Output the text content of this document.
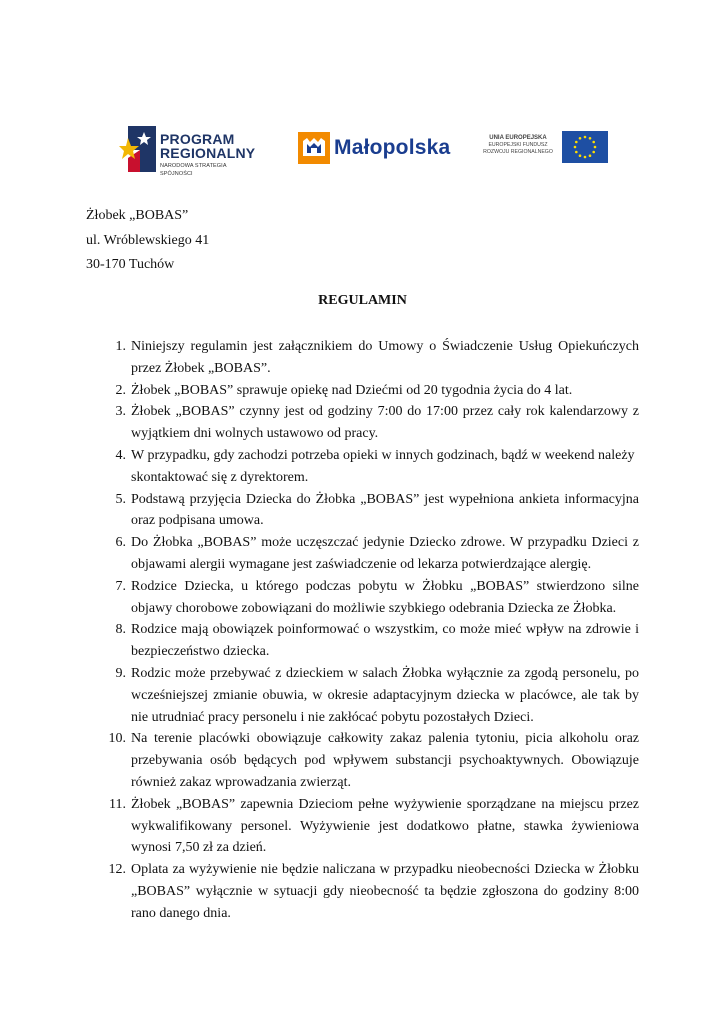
PROGRAM
REGIONALNY
NARODOWA STRATEGIA SPÓJNOŚCI
Małopolska	UNIA EUROPEJSKA
EUROPEJSKI FUNDUSZ
ROZWOJU REGIONALNEGO
Żłobek „BOBAS”
ul. Wróblewskiego 41
30-170 Tuchów
REGULAMIN
1. Niniejszy regulamin jest załącznikiem do Umowy o Świadczenie Usług Opiekuńczych przez Żłobek „BOBAS”.
2. Żłobek „BOBAS” sprawuje opiekę nad Dziećmi od 20 tygodnia życia do 4 lat.
3. Żłobek „BOBAS” czynny jest od godziny 7:00 do 17:00 przez cały rok kalendarzowy z wyjątkiem dni wolnych ustawowo od pracy.
4. W przypadku, gdy zachodzi potrzeba opieki w innych godzinach, bądź w weekend należy skontaktować się z dyrektorem.
5. Podstawą przyjęcia Dziecka do Żłobka „BOBAS” jest wypełniona ankieta informacyjna oraz podpisana umowa.
6. Do Żłobka „BOBAS” może uczęszczać jedynie Dziecko zdrowe. W przypadku Dzieci z objawami alergii wymagane jest zaświadczenie od lekarza potwierdzające alergię.
7. Rodzice Dziecka, u którego podczas pobytu w Żłobku „BOBAS” stwierdzono silne objawy chorobowe zobowiązani do możliwie szybkiego odebrania Dziecka ze Żłobka.
8. Rodzice mają obowiązek poinformować o wszystkim, co może mieć wpływ na zdrowie i bezpieczeństwo dziecka.
9. Rodzic może przebywać z dzieckiem w salach Żłobka wyłącznie za zgodą personelu, po wcześniejszej zmianie obuwia, w okresie adaptacyjnym dziecka w placówce, ale tak by nie utrudniać pracy personelu i nie zakłócać pobytu pozostałych Dzieci.
10. Na terenie placówki obowiązuje całkowity zakaz palenia tytoniu, picia alkoholu oraz przebywania osób będących pod wpływem substancji psychoaktywnych. Obowiązuje również zakaz wprowadzania zwierząt.
11. Żłobek „BOBAS” zapewnia Dzieciom pełne wyżywienie sporządzane na miejscu przez wykwalifikowany personel. Wyżywienie jest dodatkowo płatne, stawka żywieniowa wynosi 7,50 zł za dzień.
12. Oplata za wyżywienie nie będzie naliczana w przypadku nieobecności Dziecka w Żłobku „BOBAS” wyłącznie w sytuacji gdy nieobecność ta będzie zgłoszona do godziny 8:00 rano danego dnia.
